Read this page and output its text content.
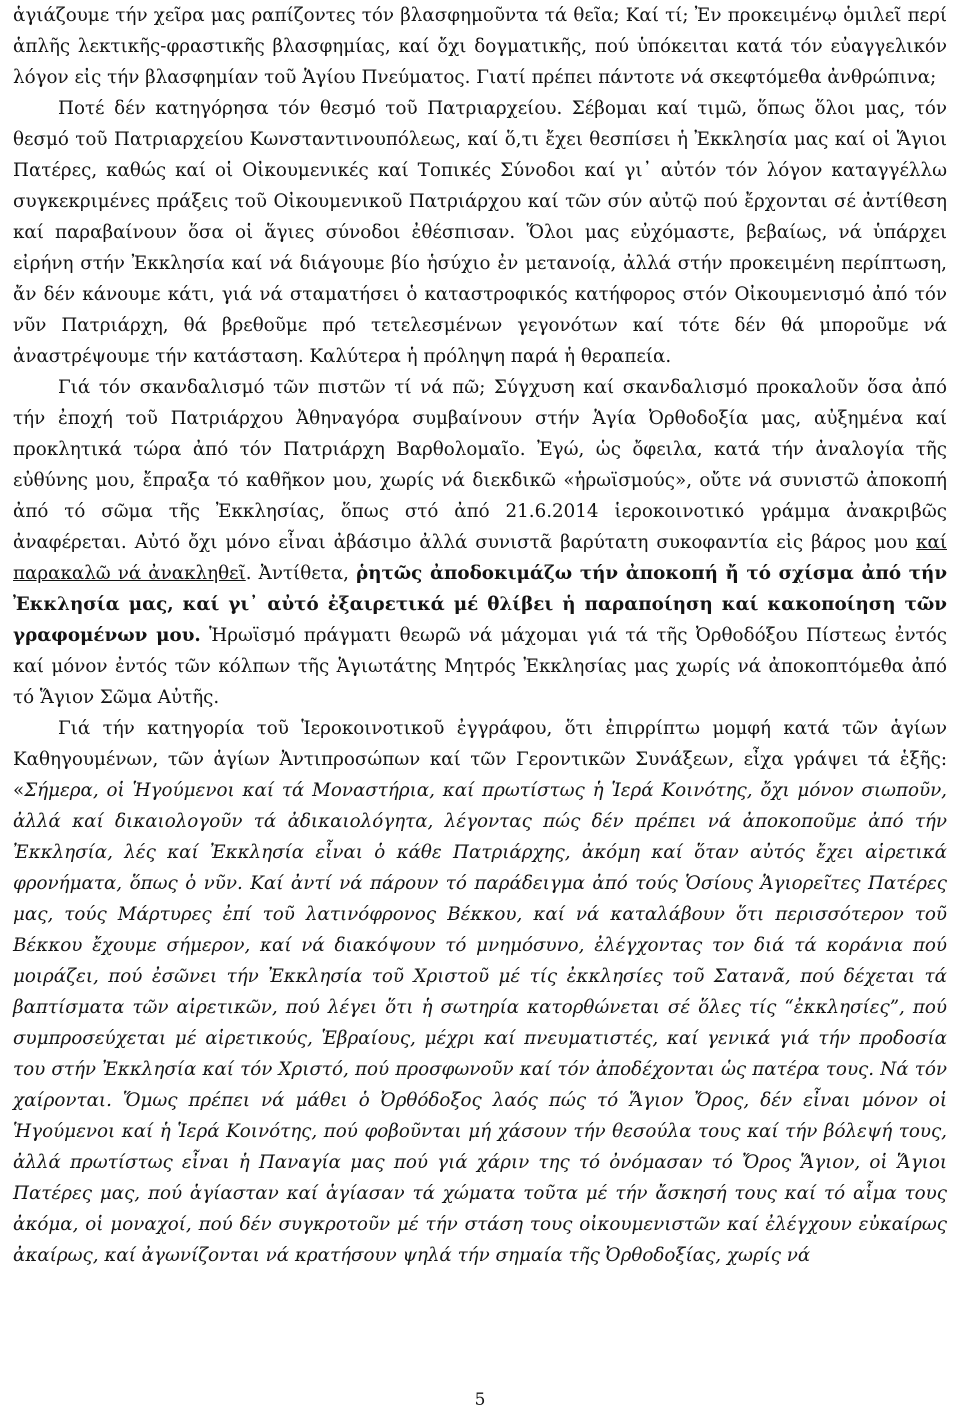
ἁγιάζουμε τήν χεῖρα μας ραπίζοντες τόν βλασφημοῦντα τά θεῖα; Καί τί; Ἐν προκειμένῳ ὁμιλεῖ περί ἁπλῆς λεκτικῆς-φραστικῆς βλασφημίας, καί ὄχι δογματικῆς, πού ὑπόκειται κατά τόν εὐαγγελικόν λόγον εἰς τήν βλασφημίαν τοῦ Ἁγίου Πνεύματος. Γιατί πρέπει πάντοτε νά σκεφτόμεθα ἀνθρώπινα;

Ποτέ δέν κατηγόρησα τόν θεσμό τοῦ Πατριαρχείου. Σέβομαι καί τιμῶ, ὅπως ὅλοι μας, τόν θεσμό τοῦ Πατριαρχείου Κωνσταντινουπόλεως, καί ὅ,τι ἔχει θεσπίσει ἡ Ἐκκλησία μας καί οἱ Ἅγιοι Πατέρες, καθώς καί οἱ Οἰκουμενικές καί Τοπικές Σύνοδοι καί γι᾽ αὐτόν τόν λόγον καταγγέλλω συγκεκριμένες πράξεις τοῦ Οἰκουμενικοῦ Πατριάρχου καί τῶν σύν αὐτῷ πού ἔρχονται σέ ἀντίθεση καί παραβαίνουν ὅσα οἱ ἅγιες σύνοδοι ἐθέσπισαν. Ὅλοι μας εὐχόμαστε, βεβαίως, νά ὑπάρχει εἰρήνη στήν Ἐκκλησία καί νά διάγουμε βίο ἡσύχιο ἐν μετανοίᾳ, ἀλλά στήν προκειμένη περίπτωση, ἄν δέν κάνουμε κάτι, γιά νά σταματήσει ὁ καταστροφικός κατήφορος στόν Οἰκουμενισμό ἀπό τόν νῦν Πατριάρχη, θά βρεθοῦμε πρό τετελεσμένων γεγονότων καί τότε δέν θά μποροῦμε νά ἀναστρέψουμε τήν κατάσταση. Καλύτερα ἡ πρόληψη παρά ἡ θεραπεία.

Γιά τόν σκανδαλισμό τῶν πιστῶν τί νά πῶ; Σύγχυση καί σκανδαλισμό προκαλοῦν ὅσα ἀπό τήν ἐποχή τοῦ Πατριάρχου Ἀθηναγόρα συμβαίνουν στήν Ἁγία Ὀρθοδοξία μας, αὐξημένα καί προκλητικά τώρα ἀπό τόν Πατριάρχη Βαρθολομαῖο. Ἐγώ, ὡς ὄφειλα, κατά τήν ἀναλογία τῆς εὐθύνης μου, ἔπραξα τό καθῆκον μου, χωρίς νά διεκδικῶ «ἡρωϊσμούς», οὔτε νά συνιστῶ ἀποκοπή ἀπό τό σῶμα τῆς Ἐκκλησίας, ὅπως στό ἀπό 21.6.2014 ἱεροκοινοτικό γράμμα ἀνακριβῶς ἀναφέρεται. Αὐτό ὄχι μόνο εἶναι ἀβάσιμο ἀλλά συνιστᾶ βαρύτατη συκοφαντία εἰς βάρος μου καί παρακαλῶ νά ἀνακληθεῖ. Ἀντίθετα, ῥητῶς ἀποδοκιμάζω τήν ἀποκοπή ἤ τό σχίσμα ἀπό τήν Ἐκκλησία μας, καί γι᾽ αὐτό ἐξαιρετικά μέ θλίβει ἡ παραποίηση καί κακοποίηση τῶν γραφομένων μου. Ἡρωϊσμό πράγματι θεωρῶ νά μάχομαι γιά τά τῆς Ὀρθοδόξου Πίστεως ἐντός καί μόνον ἐντός τῶν κόλπων τῆς Ἁγιωτάτης Μητρός Ἐκκλησίας μας χωρίς νά ἀποκοπτόμεθα ἀπό τό Ἅγιον Σῶμα Αὐτῆς.

Γιά τήν κατηγορία τοῦ Ἱεροκοινοτικοῦ ἐγγράφου, ὅτι ἐπιρρίπτω μομφή κατά τῶν ἁγίων Καθηγουμένων, τῶν ἁγίων Ἀντιπροσώπων καί τῶν Γεροντικῶν Συνάξεων, εἶχα γράψει τά ἑξῆς: «Σήμερα, οἱ Ἡγούμενοι καί τά Μοναστήρια, καί πρωτίστως ἡ Ἱερά Κοινότης, ὄχι μόνον σιωποῦν, ἀλλά καί δικαιολογοῦν τά ἀδικαιολόγητα, λέγοντας πώς δέν πρέπει νά ἀποκοποῦμε ἀπό τήν Ἐκκλησία, λές καί Ἐκκλησία εἶναι ὁ κάθε Πατριάρχης, ἀκόμη καί ὅταν αὐτός ἔχει αἱρετικά φρονήματα, ὅπως ὁ νῦν. Καί ἀντί νά πάρουν τό παράδειγμα ἀπό τούς Ὁσίους Ἁγιορεῖτες Πατέρες μας, τούς Μάρτυρες ἐπί τοῦ λατινόφρονος Βέκκου, καί νά καταλάβουν ὅτι περισσότερον τοῦ Βέκκου ἔχουμε σήμερον, καί νά διακόψουν τό μνημόσυνο, ἐλέγχοντας τον διά τά κοράνια πού μοιράζει, πού ἐσῶνει τήν Ἐκκλησία τοῦ Χριστοῦ μέ τίς ἐκκλησίες τοῦ Σατανᾶ, πού δέχεται τά βαπτίσματα τῶν αἱρετικῶν, πού λέγει ὅτι ἡ σωτηρία κατορθώνεται σέ ὅλες τίς “ἐκκλησίες”, πού συμπροσεύχεται μέ αἱρετικούς, Ἑβραίους, μέχρι καί πνευματιστές, καί γενικά γιά τήν προδοσία του στήν Ἐκκλησία καί τόν Χριστό, πού προσφωνοῦν καί τόν ἀποδέχονται ὡς πατέρα τους. Νά τόν χαίρονται. Ὅμως πρέπει νά μάθει ὁ Ὀρθόδοξος λαός πώς τό Ἅγιον Ὄρος, δέν εἶναι μόνον οἱ Ἡγούμενοι καί ἡ Ἱερά Κοινότης, πού φοβοῦνται μή χάσουν τήν θεσούλα τους καί τήν βόλεψή τους, ἀλλά πρωτίστως εἶναι ἡ Παναγία μας πού γιά χάριν της τό ὀνόμασαν τό Ὄρος Ἅγιον, οἱ Ἅγιοι Πατέρες μας, πού ἁγίασταν καί ἁγίασαν τά χώματα τοῦτα μέ τήν ἄσκησή τους καί τό αἷμα τους ἀκόμα, οἱ μοναχοί, πού δέν συγκροτοῦν μέ τήν στάση τους οἰκουμενιστῶν καί ἐλέγχουν εὐκαίρως ἀκαίρως, καί ἀγωνίζονται νά κρατήσουν ψηλά τήν σημαία τῆς Ὀρθοδοξίας, χωρίς νά

5
